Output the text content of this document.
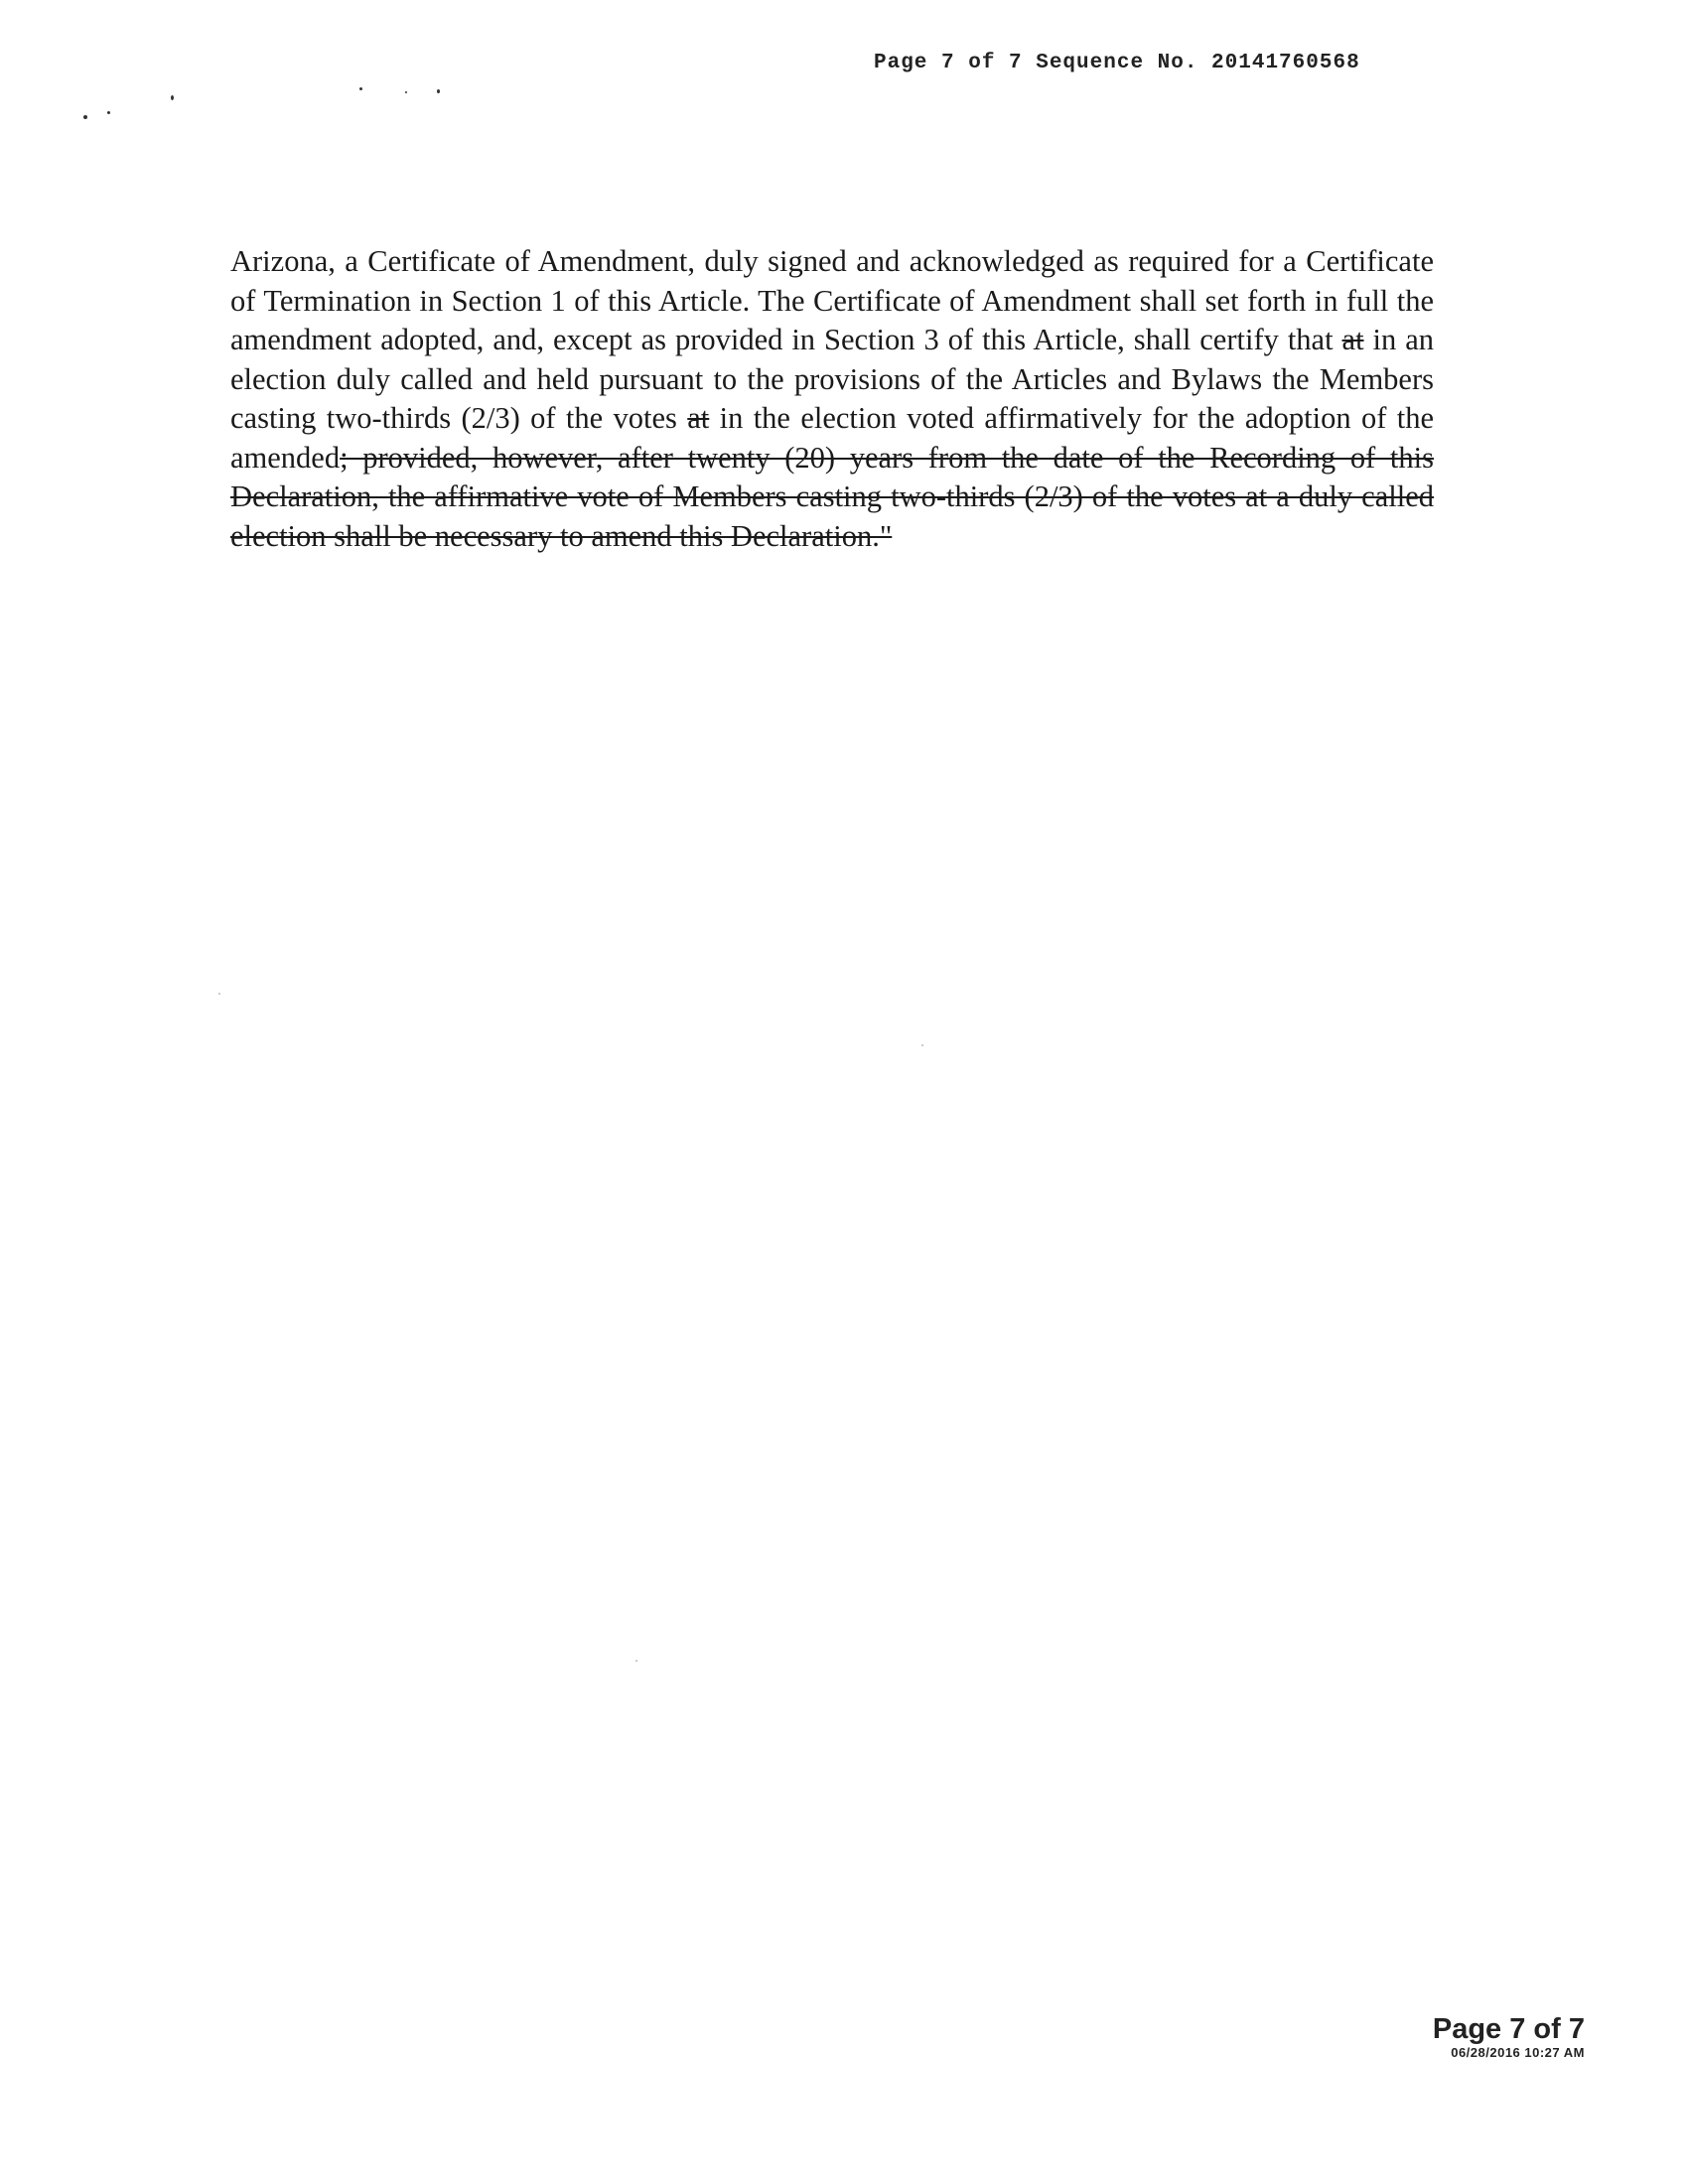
Page 7 of 7 Sequence No. 20141760568

Arizona, a Certificate of Amendment, duly signed and acknowledged as required for a Certificate of Termination in Section 1 of this Article. The Certificate of Amendment shall set forth in full the amendment adopted, and, except as provided in Section 3 of this Article, shall certify that at in an election duly called and held pursuant to the provisions of the Articles and Bylaws the Members casting two-thirds (2/3) of the votes at in the election voted affirmatively for the adoption of the amended; provided, however, after twenty (20) years from the date of the Recording of this Declaration, the affirmative vote of Members casting two-thirds (2/3) of the votes at a duly called election shall be necessary to amend this Declaration."

Page 7 of 7
06/28/2016 10:27 AM
